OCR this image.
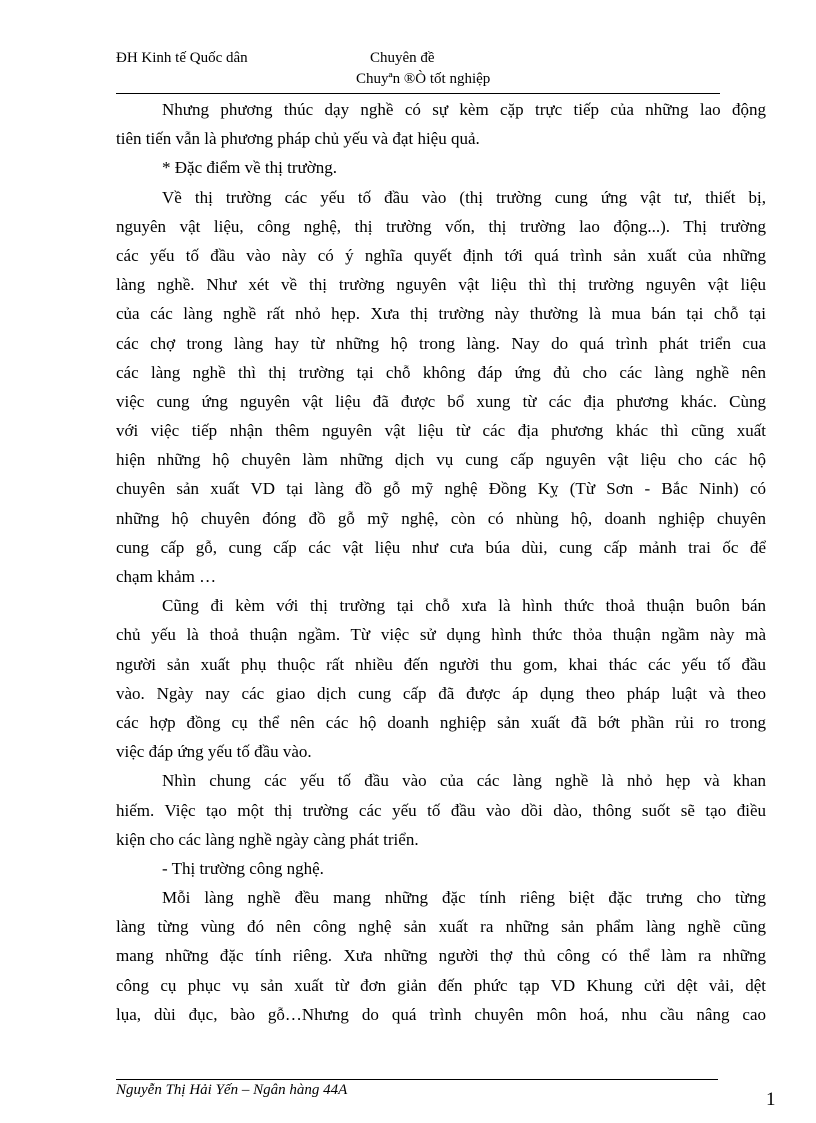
ĐH Kinh tế Quốc dân	Chuyên đề
Chuyªn ®Ò tốt nghiệp
Nhưng phương thúc dạy nghề có sự kèm cặp trực tiếp của những lao động
tiên tiến vẫn là phương pháp chủ yếu và đạt hiệu quả.
* Đặc điểm về thị trường.
Về thị trường các yếu tố đầu vào (thị trường cung ứng vật tư, thiết bị,
nguyên vật liệu, công nghệ, thị trường vốn, thị trường lao động...). Thị trường
các yếu tố đầu vào này có ý nghĩa quyết định tới quá trình sản xuất của những
làng nghề. Như xét về thị trường nguyên vật liệu thì thị trường nguyên vật liệu
của các làng nghề rất nhỏ hẹp. Xưa thị trường này thường là mua bán tại chỗ tại
các chợ trong làng hay từ những hộ trong làng. Nay do quá trình phát triển cua
các làng nghề thì thị trường tại chỗ không đáp ứng đủ cho các làng nghề nên
việc cung ứng nguyên vật liệu đã được bổ xung từ các địa phương khác. Cùng
với việc tiếp nhận thêm nguyên vật liệu từ các địa phương khác thì cũng xuất
hiện những hộ chuyên làm những dịch vụ cung cấp nguyên vật liệu cho các hộ
chuyên sản xuất VD tại làng đồ gỗ mỹ nghệ Đồng Kỵ (Từ Sơn - Bắc Ninh) có
những hộ chuyên đóng đồ gỗ mỹ nghệ, còn có nhùng hộ, doanh nghiệp chuyên
cung cấp gỗ, cung cấp các vật liệu như cưa búa dùi, cung cấp mảnh trai ốc để
chạm khảm …
Cũng đi kèm với thị trường tại chỗ xưa là hình thức thoả thuận buôn bán
chủ yếu là thoả thuận ngầm. Từ việc sử dụng hình thức thỏa thuận ngầm này mà
người sản xuất phụ thuộc rất nhiều đến người thu gom, khai thác các yếu tố đầu
vào. Ngày nay các giao dịch cung cấp đã được áp dụng theo pháp luật và theo
các hợp đồng cụ thể nên các hộ doanh nghiệp sản xuất đã bớt phần rủi ro trong
việc đáp ứng yếu tố đầu vào.
Nhìn chung các yếu tố đầu vào của các làng nghề là nhỏ hẹp và khan
hiếm. Việc tạo một thị trường các yếu tố đầu vào dồi dào, thông suốt sẽ tạo điều
kiện cho các làng nghề ngày càng phát triển.
- Thị trường công nghệ.
Mỗi làng nghề đều mang những đặc tính riêng biệt đặc trưng cho từng
làng từng vùng đó nên công nghệ sản xuất ra những sản phẩm làng nghề cũng
mang những đặc tính riêng. Xưa những người thợ thủ công có thể làm ra những
công cụ phục vụ sản xuất từ đơn giản đến phức tạp VD Khung cửi dệt vải, dệt
lụa, dùi đục, bào gỗ…Nhưng do quá trình chuyên môn hoá, nhu cầu nâng cao
Nguyễn Thị Hải Yến – Ngân hàng 44A	1
